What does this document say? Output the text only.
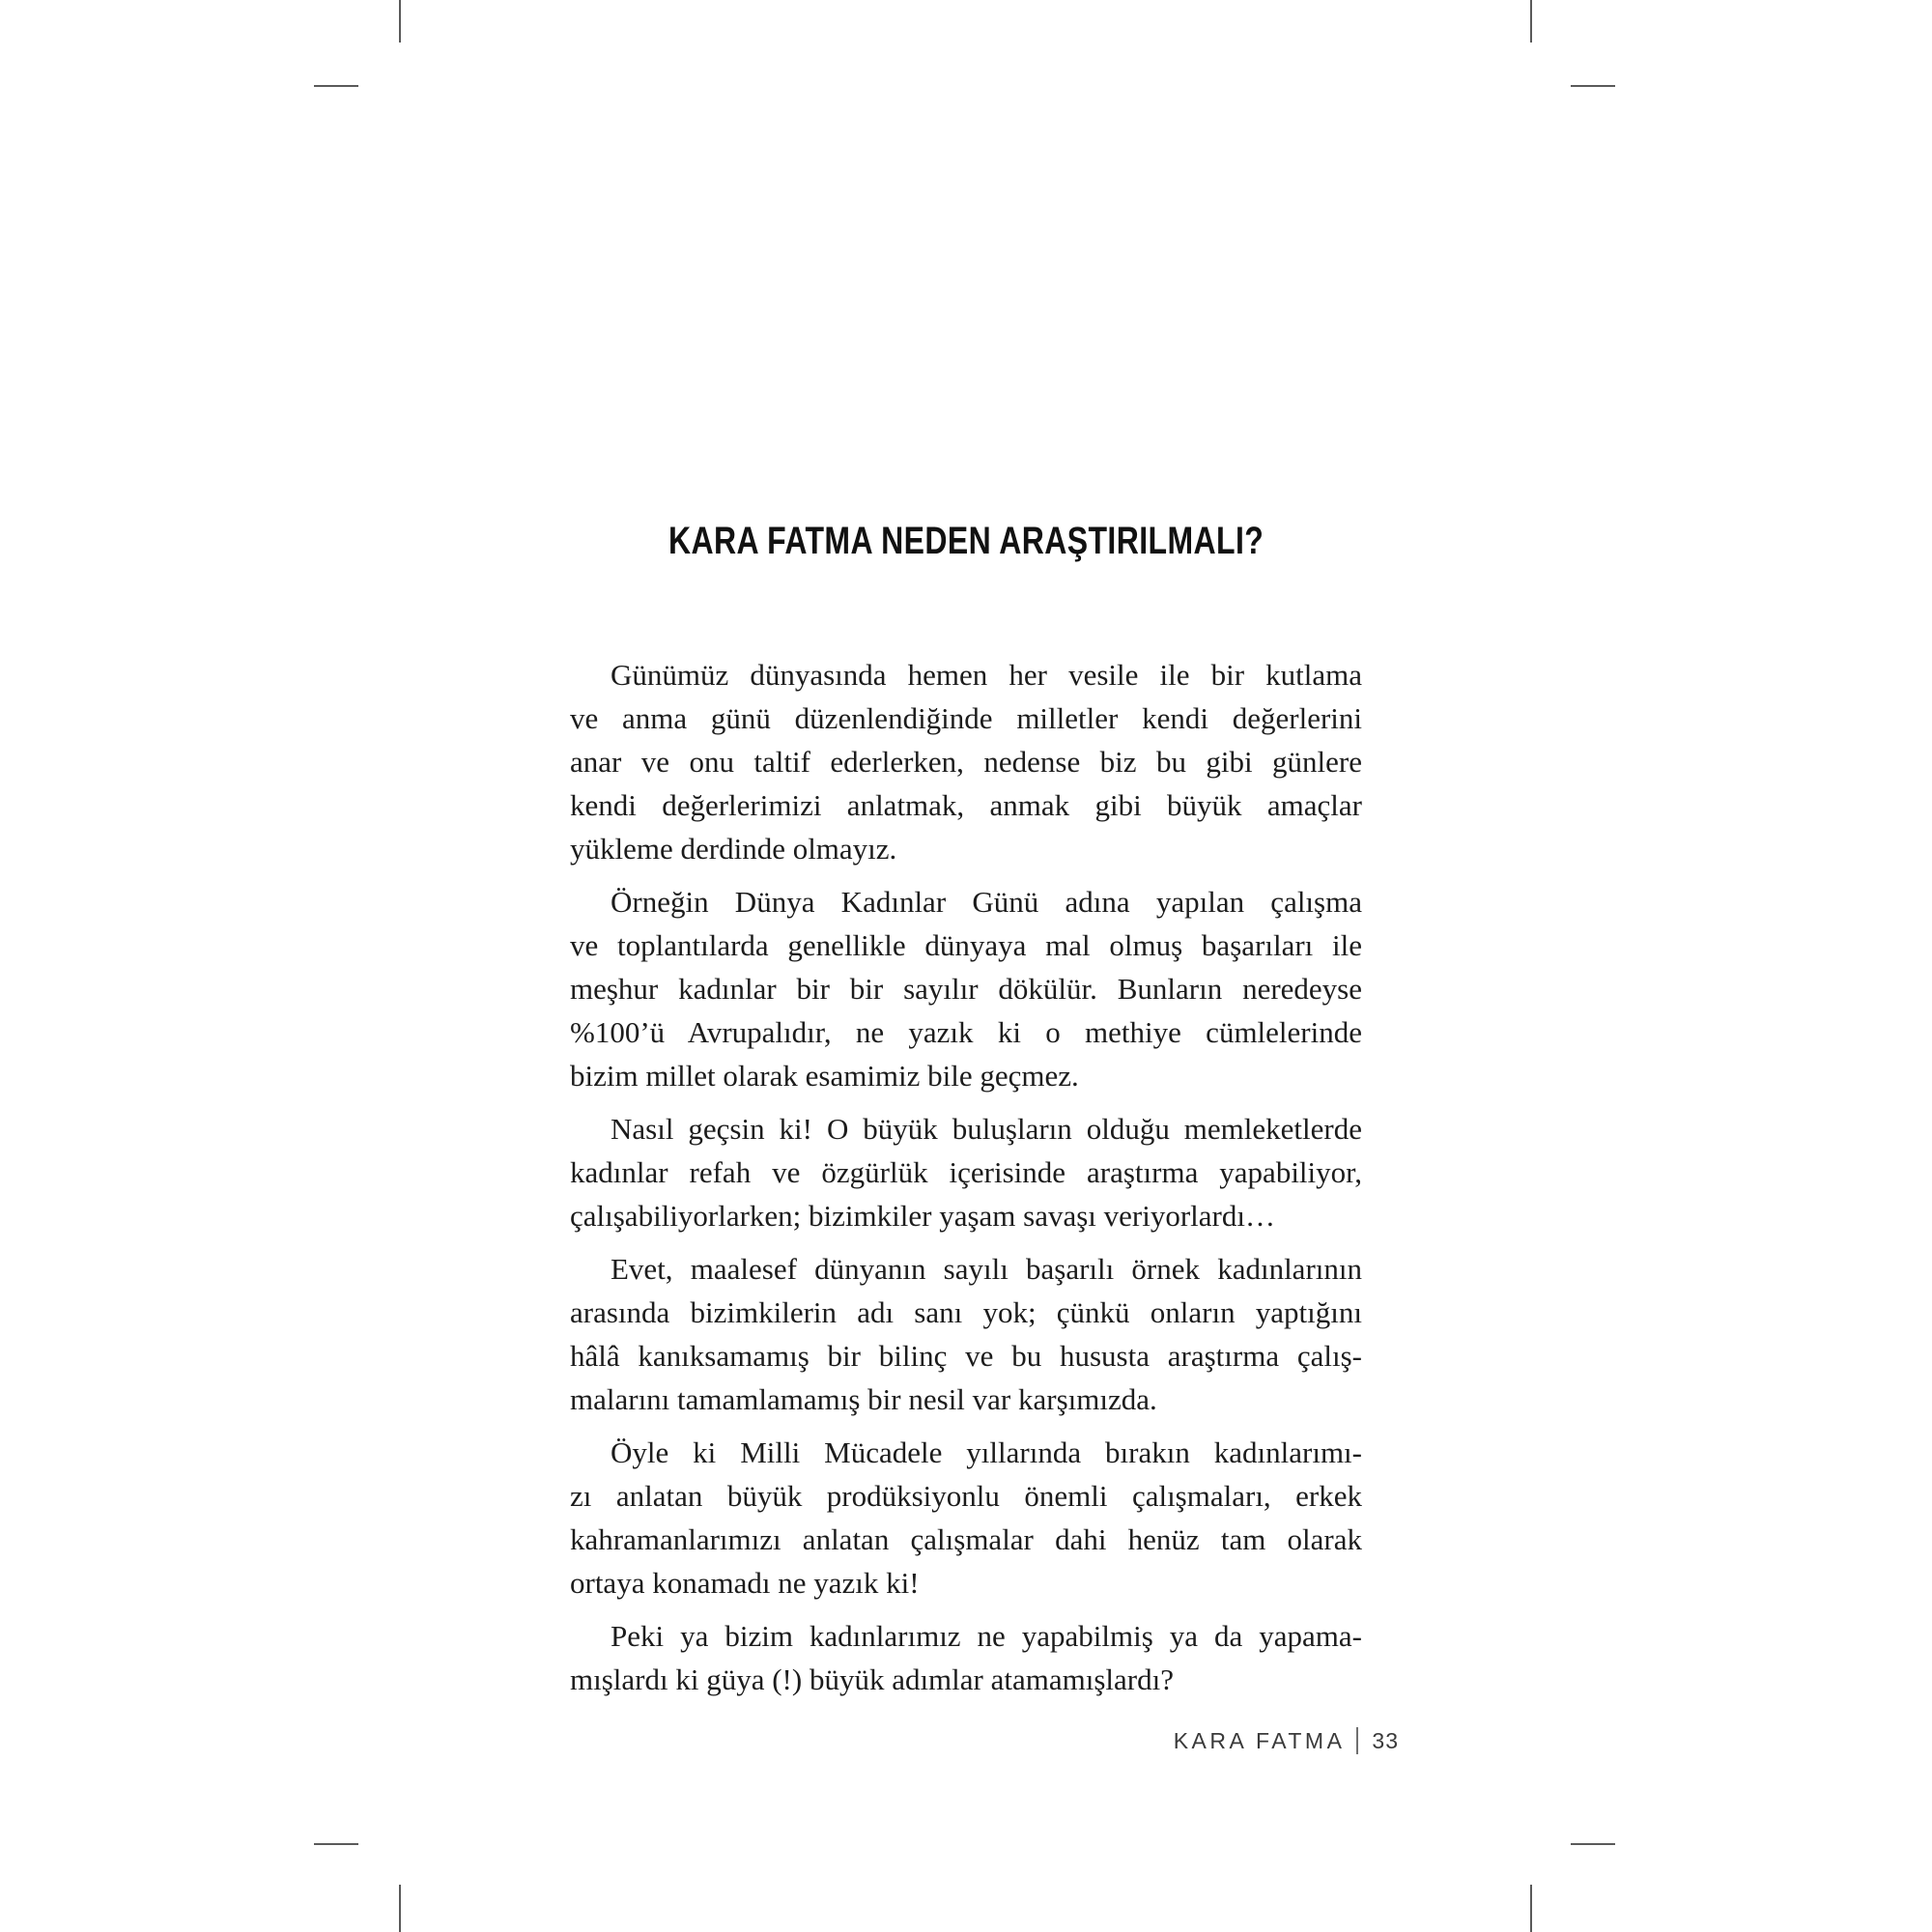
KARA FATMA NEDEN ARAŞTIRILMALI?
Günümüz dünyasında hemen her vesile ile bir kutlama
ve anma günü düzenlendiğinde milletler kendi değerlerini
anar ve onu taltif ederlerken, nedense biz bu gibi günlere
kendi değerlerimizi anlatmak, anmak gibi büyük amaçlar
yükleme derdinde olmayız.
Örneğin Dünya Kadınlar Günü adına yapılan çalışma
ve toplantılarda genellikle dünyaya mal olmuş başarıları ile
meşhur kadınlar bir bir sayılır dökülür. Bunların neredeyse
%100’ü Avrupalıdır, ne yazık ki o methiye cümlelerinde
bizim millet olarak esamimiz bile geçmez.
Nasıl geçsin ki! O büyük buluşların olduğu memleketlerde
kadınlar refah ve özgürlük içerisinde araştırma yapabiliyor,
çalışabiliyorlarken; bizimkiler yaşam savaşı veriyorlardı…
Evet, maalesef dünyanın sayılı başarılı örnek kadınlarının
arasında bizimkilerin adı sanı yok; çünkü onların yaptığını
hâlâ kanıksamamış bir bilinç ve bu hususta araştırma çalış-
malarını tamamlamamış bir nesil var karşımızda.
Öyle ki Milli Mücadele yıllarında bırakın kadınlarımı-
zı anlatan büyük prodüksiyonlu önemli çalışmaları, erkek
kahramanlarımızı anlatan çalışmalar dahi henüz tam olarak
ortaya konamadı ne yazık ki!
Peki ya bizim kadınlarımız ne yapabilmiş ya da yapama-
mışlardı ki güya (!) büyük adımlar atamamışlardı?
KARA FATMA 33
